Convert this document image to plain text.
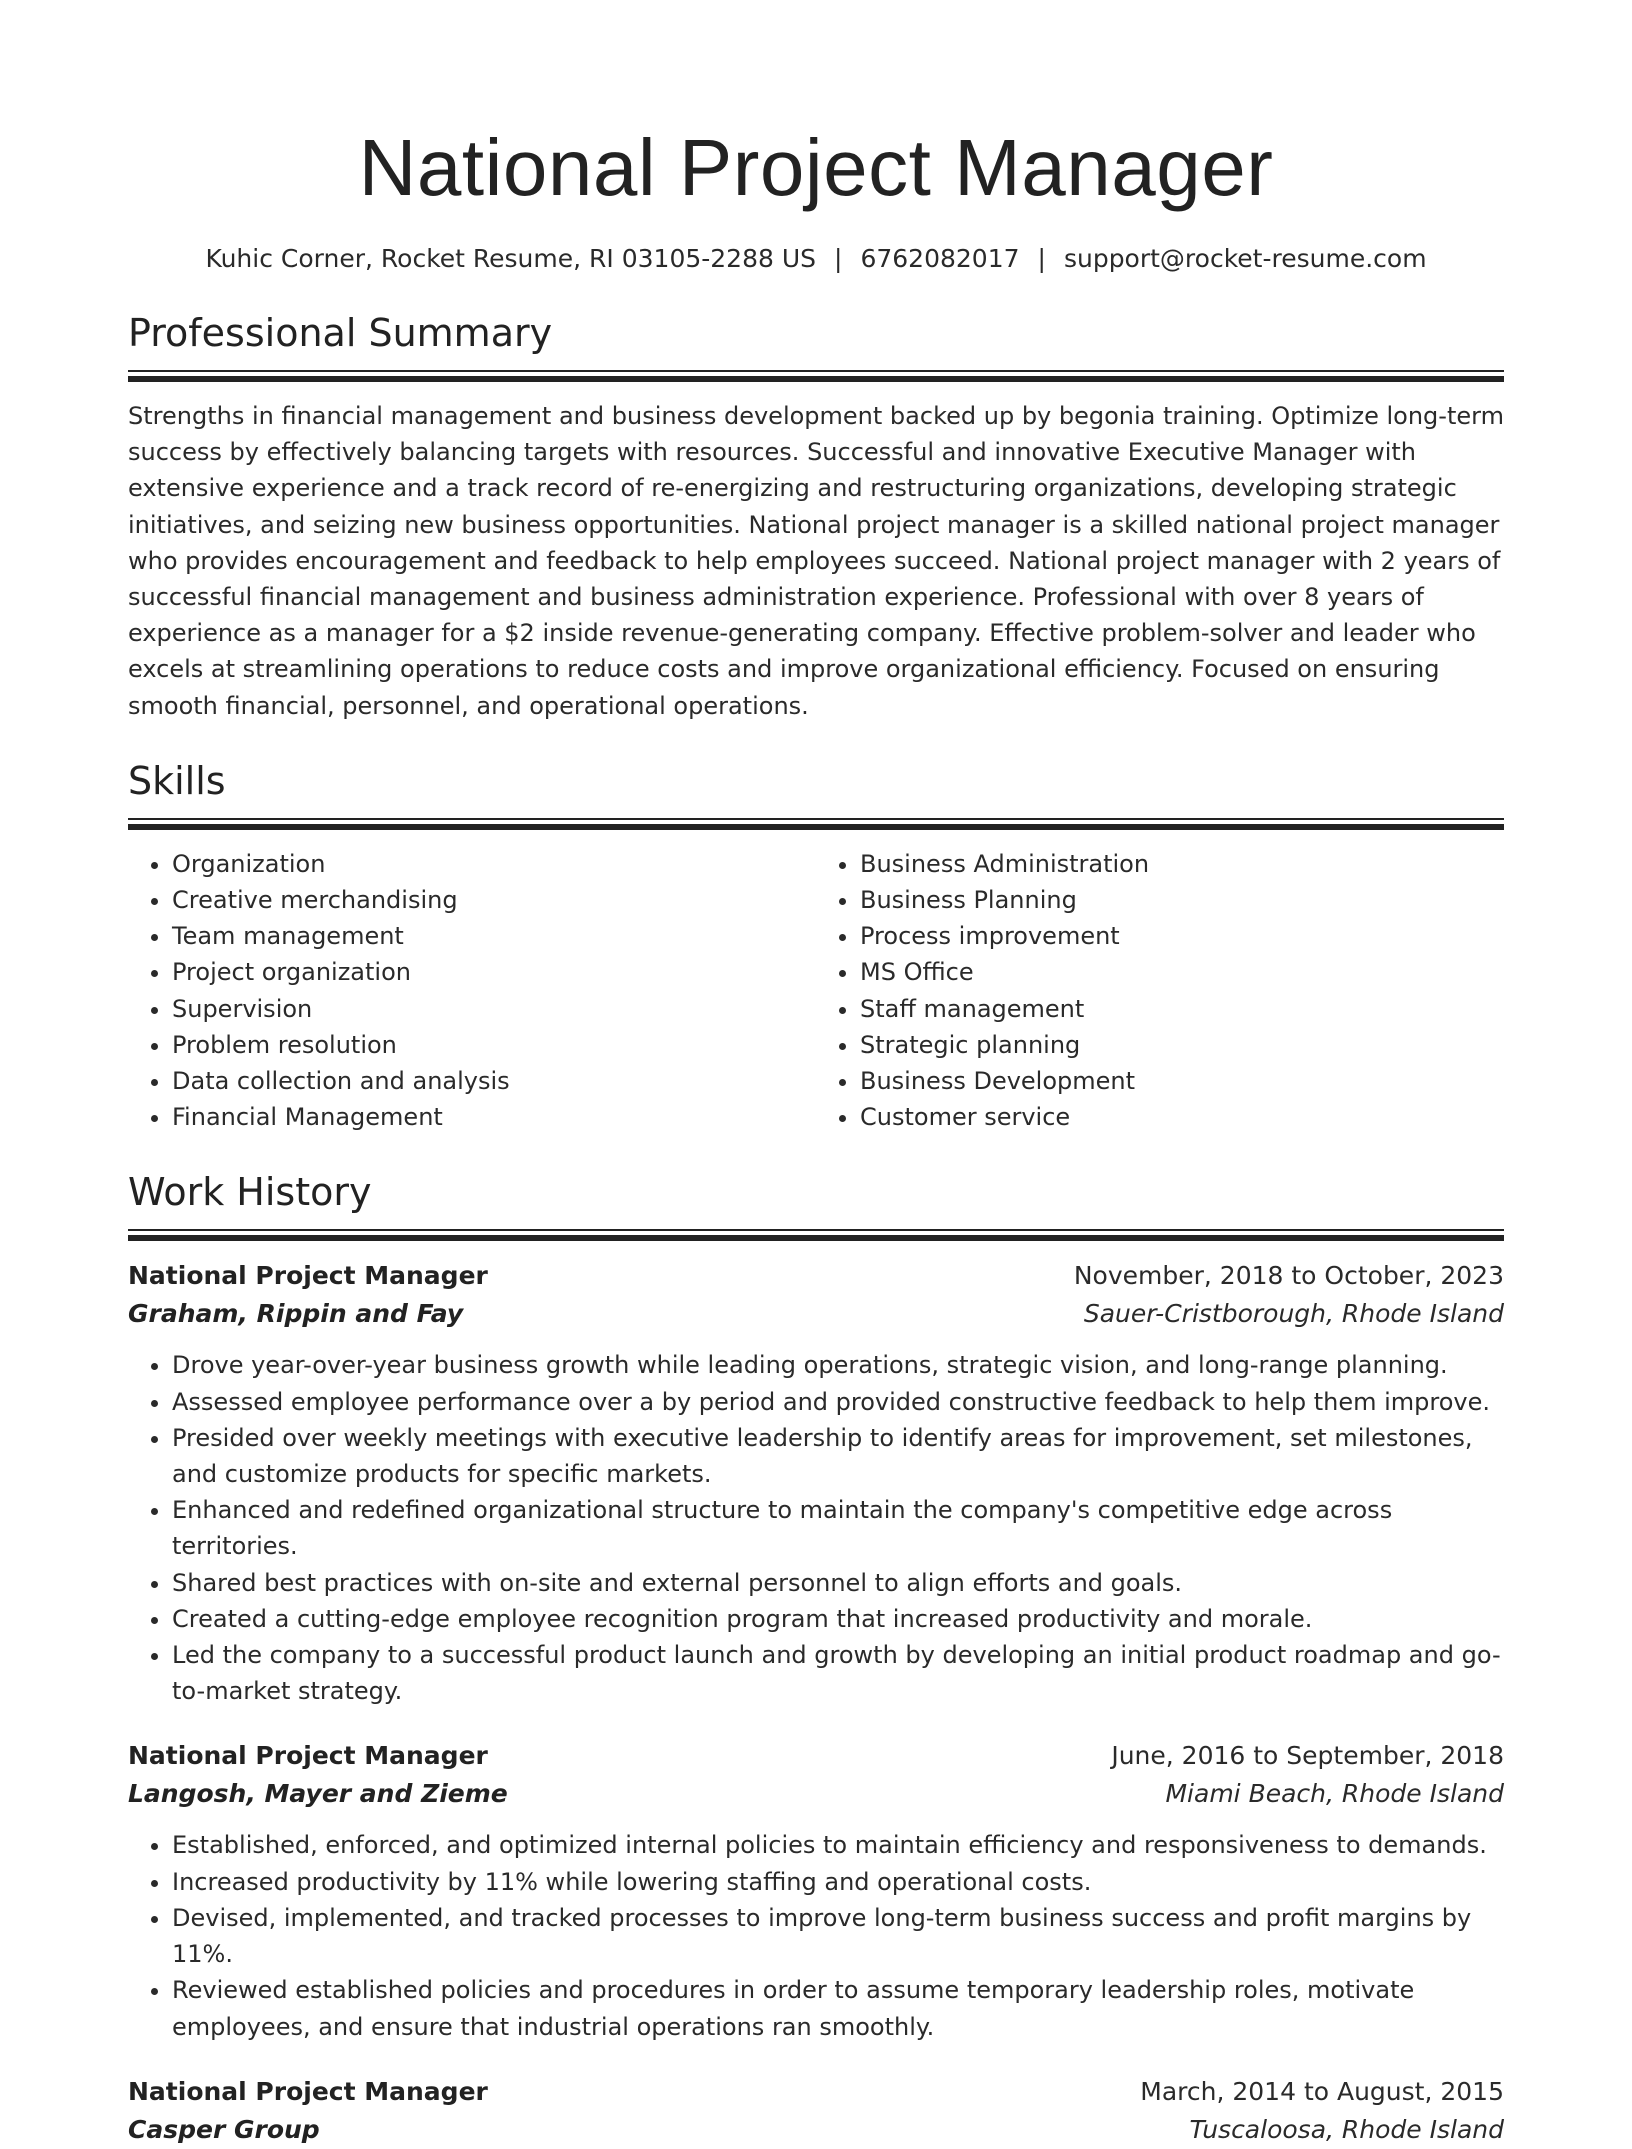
National Project Manager
Kuhic Corner, Rocket Resume, RI 03105-2288 US | 6762082017 | support@rocket-resume.com
Professional Summary

Strengths in financial management and business development backed up by begonia training. Optimize long-term success by effectively balancing targets with resources. Successful and innovative Executive Manager with extensive experience and a track record of re-energizing and restructuring organizations, developing strategic initiatives, and seizing new business opportunities. National project manager is a skilled national project manager who provides encouragement and feedback to help employees succeed. National project manager with 2 years of successful financial management and business administration experience. Professional with over 8 years of experience as a manager for a $2 inside revenue-generating company. Effective problem-solver and leader who excels at streamlining operations to reduce costs and improve organizational efficiency. Focused on ensuring smooth financial, personnel, and operational operations.

Skills
• Organization
• Creative merchandising
• Team management
• Project organization
• Supervision
• Problem resolution
• Data collection and analysis
• Financial Management
• Business Administration
• Business Planning
• Process improvement
• MS Office
• Staff management
• Strategic planning
• Business Development
• Customer service
Work History
National Project Manager	November, 2018 to October, 2023
Graham, Rippin and Fay	Sauer-Cristborough, Rhode Island
• Drove year-over-year business growth while leading operations, strategic vision, and long-range planning.
• Assessed employee performance over a by period and provided constructive feedback to help them improve.
• Presided over weekly meetings with executive leadership to identify areas for improvement, set milestones, and customize products for specific markets.
• Enhanced and redefined organizational structure to maintain the company's competitive edge across territories.
• Shared best practices with on-site and external personnel to align efforts and goals.
• Created a cutting-edge employee recognition program that increased productivity and morale.
• Led the company to a successful product launch and growth by developing an initial product roadmap and go-to-market strategy.
National Project Manager	June, 2016 to September, 2018
Langosh, Mayer and Zieme	Miami Beach, Rhode Island
• Established, enforced, and optimized internal policies to maintain efficiency and responsiveness to demands.
• Increased productivity by 11% while lowering staffing and operational costs.
• Devised, implemented, and tracked processes to improve long-term business success and profit margins by 11%.
• Reviewed established policies and procedures in order to assume temporary leadership roles, motivate employees, and ensure that industrial operations ran smoothly.
National Project Manager	March, 2014 to August, 2015
Casper Group	Tuscaloosa, Rhode Island
